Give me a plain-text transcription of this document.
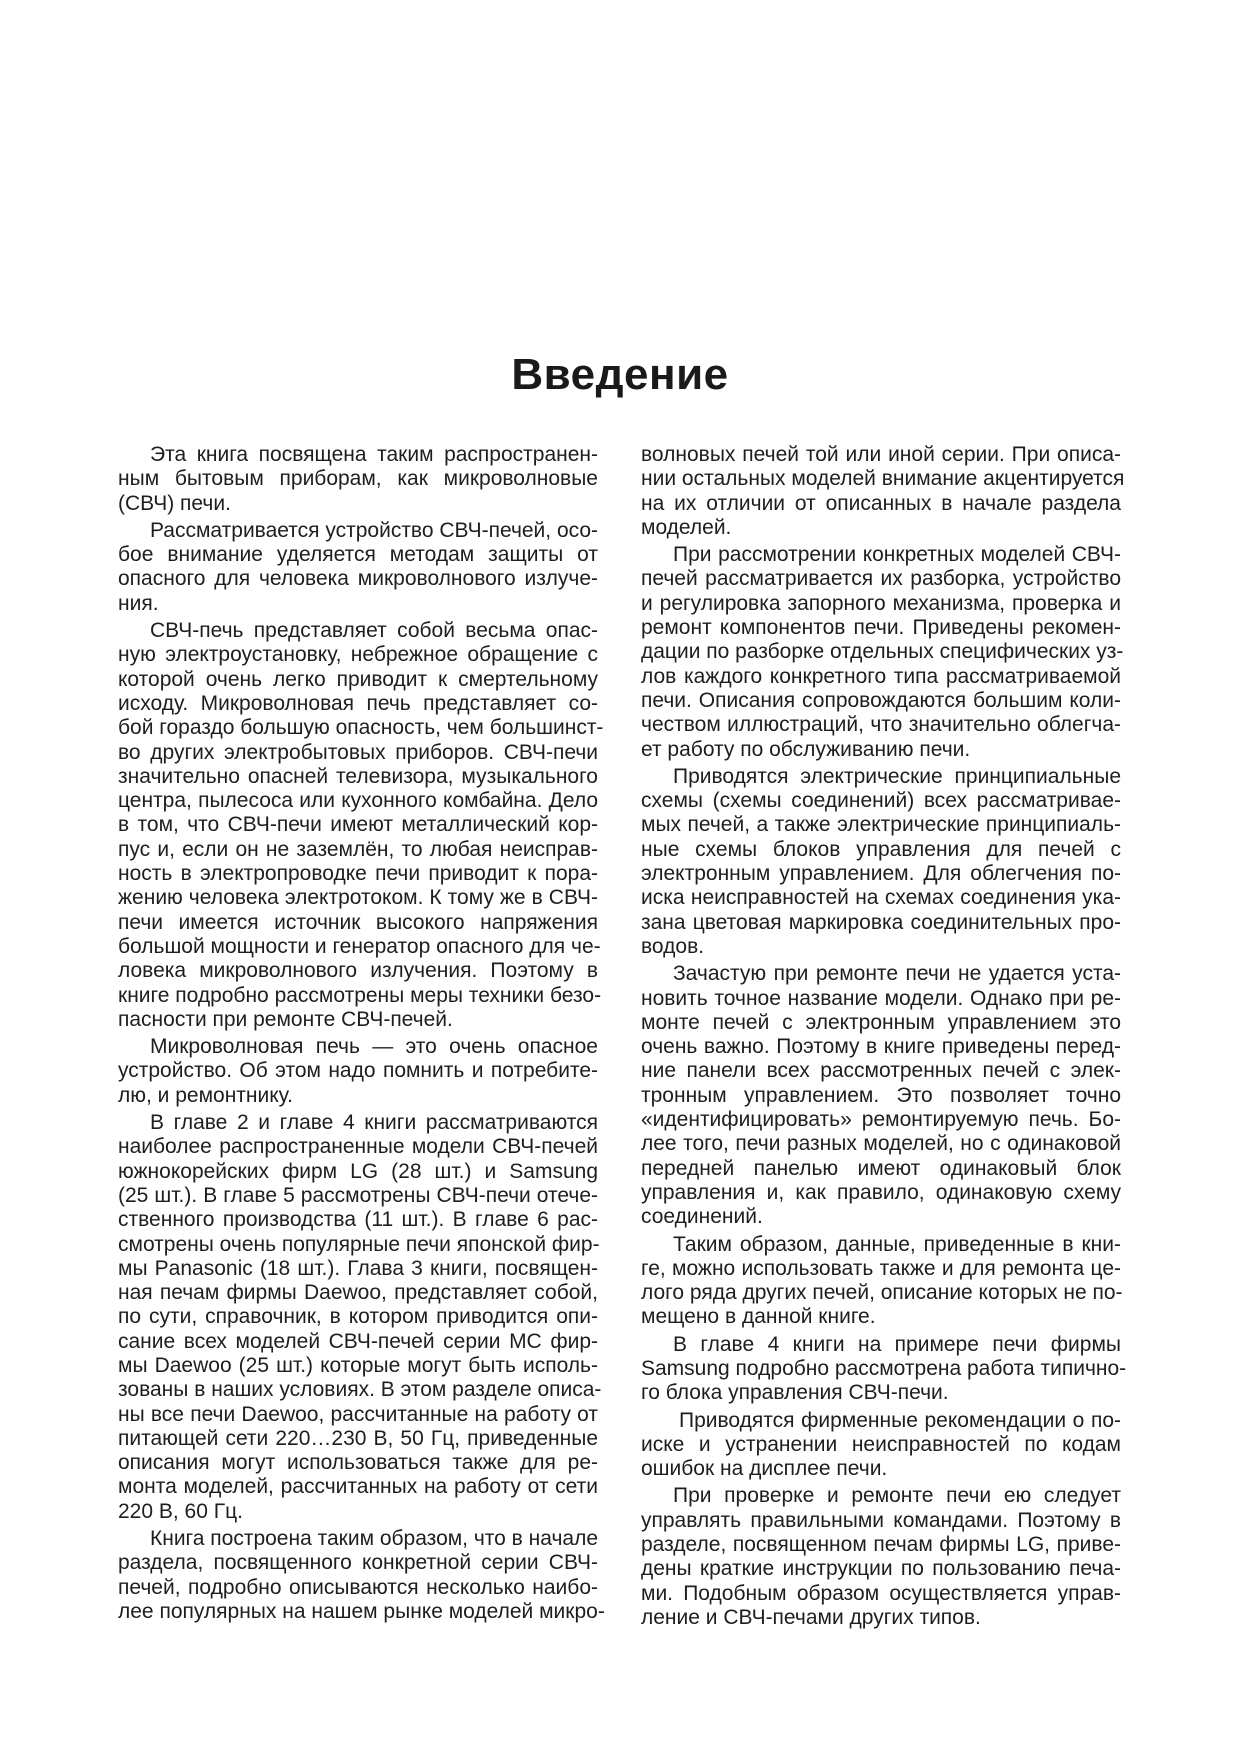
Введение
Эта книга посвящена таким распространен-
ным бытовым приборам, как микроволновые
(СВЧ) печи.
Рассматривается устройство СВЧ-печей, осо-
бое внимание уделяется методам защиты от
опасного для человека микроволнового излуче-
ния.
СВЧ-печь представляет собой весьма опас-
ную электроустановку, небрежное обращение с
которой очень легко приводит к смертельному
исходу. Микроволновая печь представляет со-
бой гораздо большую опасность, чем большинст-
во других электробытовых приборов. СВЧ-печи
значительно опасней телевизора, музыкального
центра, пылесоса или кухонного комбайна. Дело
в том, что СВЧ-печи имеют металлический кор-
пус и, если он не заземлён, то любая неисправ-
ность в электропроводке печи приводит к пора-
жению человека электротоком. К тому же в СВЧ-
печи имеется источник высокого напряжения
большой мощности и генератор опасного для че-
ловека микроволнового излучения. Поэтому в
книге подробно рассмотрены меры техники безо-
пасности при ремонте СВЧ-печей.
Микроволновая печь — это очень опасное
устройство. Об этом надо помнить и потребите-
лю, и ремонтнику.
В главе 2 и главе 4 книги рассматриваются
наиболее распространенные модели СВЧ-печей
южнокорейских фирм LG (28 шт.) и Samsung
(25 шт.). В главе 5 рассмотрены СВЧ-печи отече-
ственного производства (11 шт.). В главе 6 рас-
смотрены очень популярные печи японской фир-
мы Panasonic (18 шт.). Глава 3 книги, посвящен-
ная печам фирмы Daewoo, представляет собой,
по сути, справочник, в котором приводится опи-
сание всех моделей СВЧ-печей серии МС фир-
мы Daewoo (25 шт.) которые могут быть исполь-
зованы в наших условиях. В этом разделе описа-
ны все печи Daewoo, рассчитанные на работу от
питающей сети 220…230 В, 50 Гц, приведенные
описания могут использоваться также для ре-
монта моделей, рассчитанных на работу от сети
220 В, 60 Гц.
Книга построена таким образом, что в начале
раздела, посвященного конкретной серии СВЧ-
печей, подробно описываются несколько наибо-
лее популярных на нашем рынке моделей микро-
волновых печей той или иной серии. При описа-
нии остальных моделей внимание акцентируется
на их отличии от описанных в начале раздела
моделей.
При рассмотрении конкретных моделей СВЧ-
печей рассматривается их разборка, устройство
и регулировка запорного механизма, проверка и
ремонт компонентов печи. Приведены рекомен-
дации по разборке отдельных специфических уз-
лов каждого конкретного типа рассматриваемой
печи. Описания сопровождаются большим коли-
чеством иллюстраций, что значительно облегча-
ет работу по обслуживанию печи.
Приводятся электрические принципиальные
схемы (схемы соединений) всех рассматривае-
мых печей, а также электрические принципиаль-
ные схемы блоков управления для печей с
электронным управлением. Для облегчения по-
иска неисправностей на схемах соединения ука-
зана цветовая маркировка соединительных про-
водов.
Зачастую при ремонте печи не удается уста-
новить точное название модели. Однако при ре-
монте печей с электронным управлением это
очень важно. Поэтому в книге приведены перед-
ние панели всех рассмотренных печей с элек-
тронным управлением. Это позволяет точно
«идентифицировать» ремонтируемую печь. Бо-
лее того, печи разных моделей, но с одинаковой
передней панелью имеют одинаковый блок
управления и, как правило, одинаковую схему
соединений.
Таким образом, данные, приведенные в кни-
ге, можно использовать также и для ремонта це-
лого ряда других печей, описание которых не по-
мещено в данной книге.
В главе 4 книги на примере печи фирмы
Samsung подробно рассмотрена работа типично-
го блока управления СВЧ-печи.
Приводятся фирменные рекомендации о по-
иске и устранении неисправностей по кодам
ошибок на дисплее печи.
При проверке и ремонте печи ею следует
управлять правильными командами. Поэтому в
разделе, посвященном печам фирмы LG, приве-
дены краткие инструкции по пользованию печа-
ми. Подобным образом осуществляется управ-
ление и СВЧ-печами других типов.
